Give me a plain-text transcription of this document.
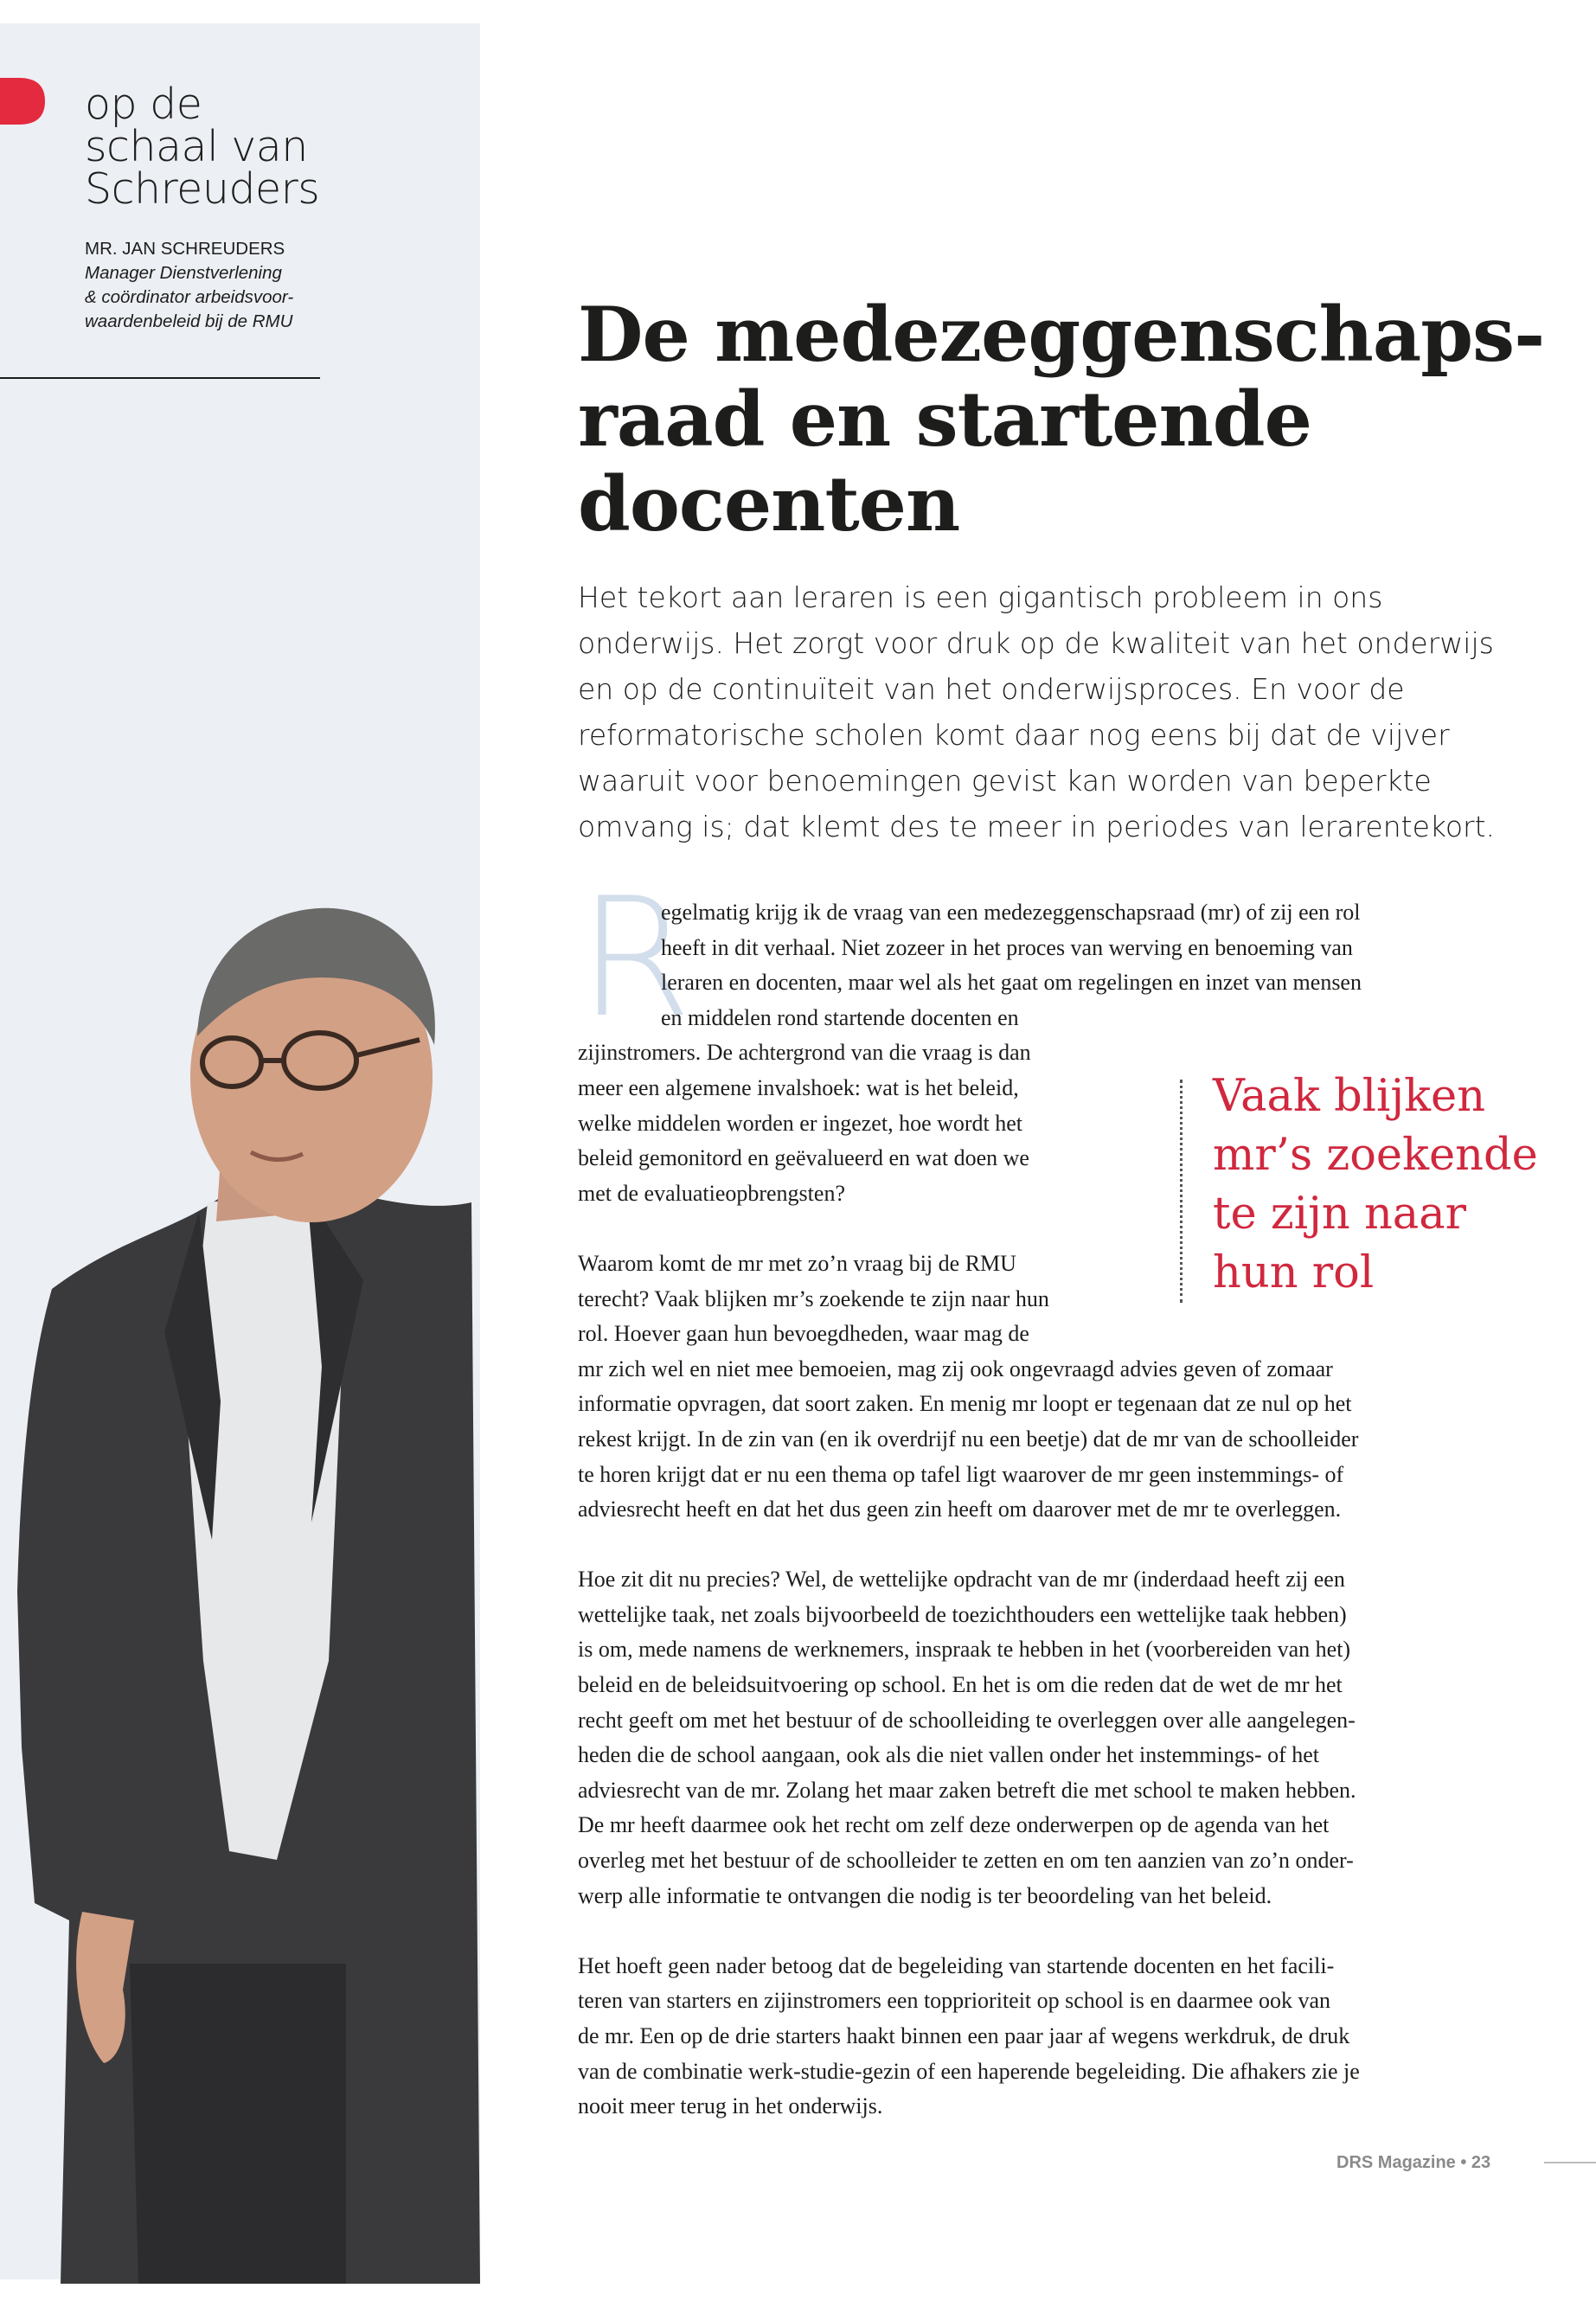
op de
schaal van
Schreuders
MR. JAN SCHREUDERS
Manager Dienstverlening
& coördinator arbeidsvoor-
waardenbeleid bij de RMU	De medezeggenschaps-
raad en startende
docenten

Het tekort aan leraren is een gigantisch probleem in ons
onderwijs. Het zorgt voor druk op de kwaliteit van het onderwijs
en op de continuïteit van het onderwijsproces. En voor de
reformatorische scholen komt daar nog eens bij dat de vijver
waaruit voor benoemingen gevist kan worden van beperkte
omvang is; dat klemt des te meer in periodes van lerarentekort.

R
egelmatig krijg ik de vraag van een medezeggenschapsraad (mr) of zij een rol
heeft in dit verhaal. Niet zozeer in het proces van werving en benoeming van
leraren en docenten, maar wel als het gaat om regelingen en inzet van mensen
en middelen rond startende docenten en
zijinstromers. De achtergrond van die vraag is dan
meer een algemene invalshoek: wat is het beleid,
welke middelen worden er ingezet, hoe wordt het
beleid gemonitord en geëvalueerd en wat doen we
met de evaluatieopbrengsten?
Waarom komt de mr met zo’n vraag bij de RMU
terecht? Vaak blijken mr’s zoekende te zijn naar hun
rol. Hoever gaan hun bevoegdheden, waar mag de
mr zich wel en niet mee bemoeien, mag zij ook ongevraagd advies geven of zomaar
informatie opvragen, dat soort zaken. En menig mr loopt er tegenaan dat ze nul op het
rekest krijgt. In de zin van (en ik overdrijf nu een beetje) dat de mr van de schoolleider
te horen krijgt dat er nu een thema op tafel ligt waarover de mr geen instemmings- of
adviesrecht heeft en dat het dus geen zin heeft om daarover met de mr te overleggen.
Hoe zit dit nu precies? Wel, de wettelijke opdracht van de mr (inderdaad heeft zij een
wettelijke taak, net zoals bijvoorbeeld de toezichthouders een wettelijke taak hebben)
is om, mede namens de werknemers, inspraak te hebben in het (voorbereiden van het)
beleid en de beleidsuitvoering op school. En het is om die reden dat de wet de mr het
recht geeft om met het bestuur of de schoolleiding te overleggen over alle aangelegen-
heden die de school aangaan, ook als die niet vallen onder het instemmings- of het
adviesrecht van de mr. Zolang het maar zaken betreft die met school te maken hebben.
De mr heeft daarmee ook het recht om zelf deze onderwerpen op de agenda van het
overleg met het bestuur of de schoolleider te zetten en om ten aanzien van zo’n onder-
werp alle informatie te ontvangen die nodig is ter beoordeling van het beleid.
Het hoeft geen nader betoog dat de begeleiding van startende docenten en het facili-
teren van starters en zijinstromers een topprioriteit op school is en daarmee ook van
de mr. Een op de drie starters haakt binnen een paar jaar af wegens werkdruk, de druk
van de combinatie werk-studie-gezin of een haperende begeleiding. Die afhakers zie je
nooit meer terug in het onderwijs.
Vaak blijken
mr’s zoekende
te zijn naar
hun rol
DRS Magazine • 23
